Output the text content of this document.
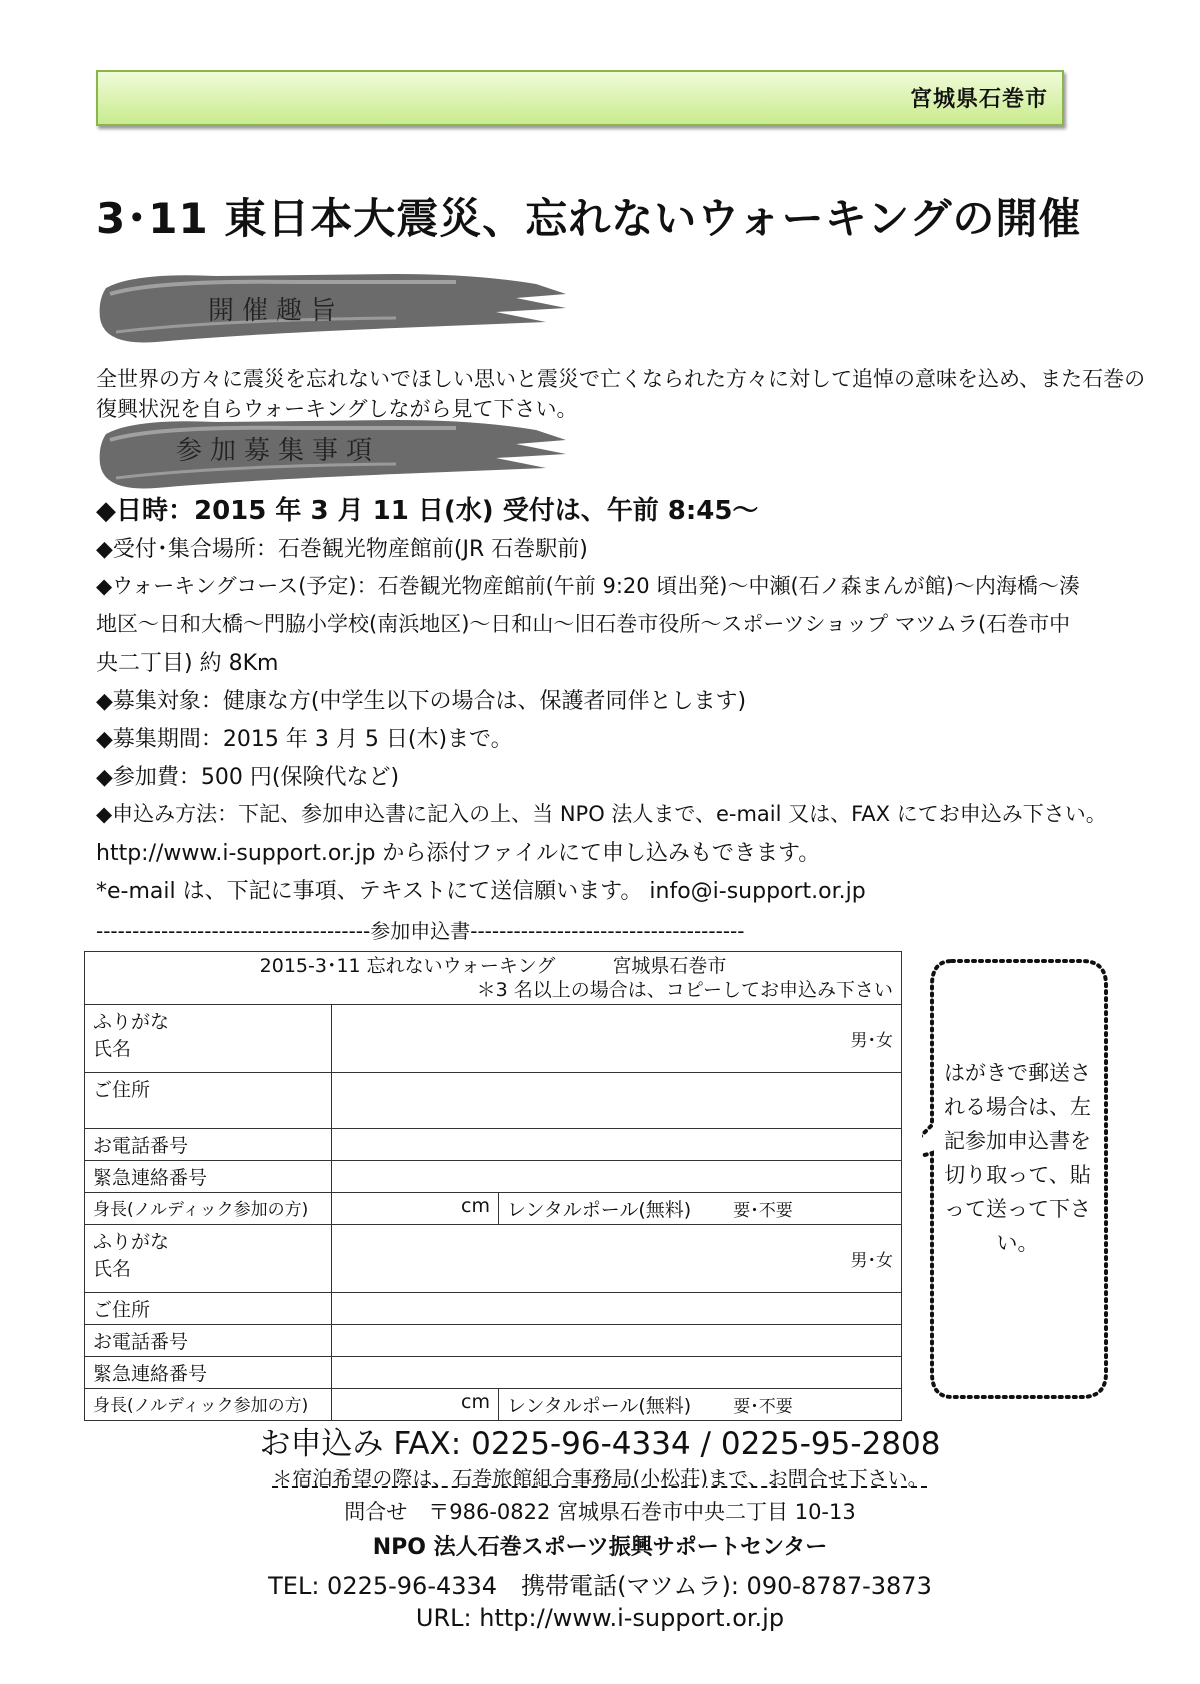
宮城県石巻市
3･11 東日本大震災、忘れないウォーキングの開催
開催趣旨
全世界の方々に震災を忘れないでほしい思いと震災で亡くなられた方々に対して追悼の意味を込め、また石巻の
復興状況を自らウォーキングしながら見て下さい。
参加募集事項
◆日時：2015 年 3 月 11 日(水) 受付は、午前 8:45～
◆受付･集合場所：石巻観光物産館前(JR 石巻駅前)
◆ウォーキングコース(予定)：石巻観光物産館前(午前 9:20 頃出発)～中瀬(石ノ森まんが館)～内海橋～湊
地区～日和大橋～門脇小学校(南浜地区)～日和山～旧石巻市役所～スポーツショップ マツムラ(石巻市中
央二丁目) 約 8Km
◆募集対象：健康な方(中学生以下の場合は、保護者同伴とします)
◆募集期間：2015 年 3 月 5 日(木)まで。
◆参加費：500 円(保険代など)
◆申込み方法：下記、参加申込書に記入の上、当 NPO 法人まで、e-mail 又は、FAX にてお申込み下さい。
http://www.i-support.or.jp から添付ファイルにて申し込みもできます。
*e-mail は、下記に事項、テキストにて送信願います。 info@i-support.or.jp
--------------------------------------参加申込書--------------------------------------
2015-3･11 忘れないウォーキング　　　宮城県石巻市
＊3 名以上の場合は、コピーしてお申込み下さい		

ふりがな
氏名	男･女	
ご住所		
お電話番号		
緊急連絡番号		
身長(ノルディック参加の方)	cm	レンタルポール(無料) 要･不要

ふりがな
氏名	男･女	
ご住所		
お電話番号		
緊急連絡番号		
身長(ノルディック参加の方)	cm	レンタルポール(無料) 要･不要
はがきで郵送される場合は、左記参加申込書を切り取って、貼って送って下さい。
お申込み FAX: 0225-96-4334 / 0225-95-2808
＊宿泊希望の際は、石巻旅館組合事務局(小松荘)まで、お問合せ下さい。
問合せ　〒986-0822 宮城県石巻市中央二丁目 10-13
NPO 法人石巻スポーツ振興サポートセンター
TEL: 0225-96-4334　携帯電話(マツムラ): 090-8787-3873
URL: http://www.i-support.or.jp
